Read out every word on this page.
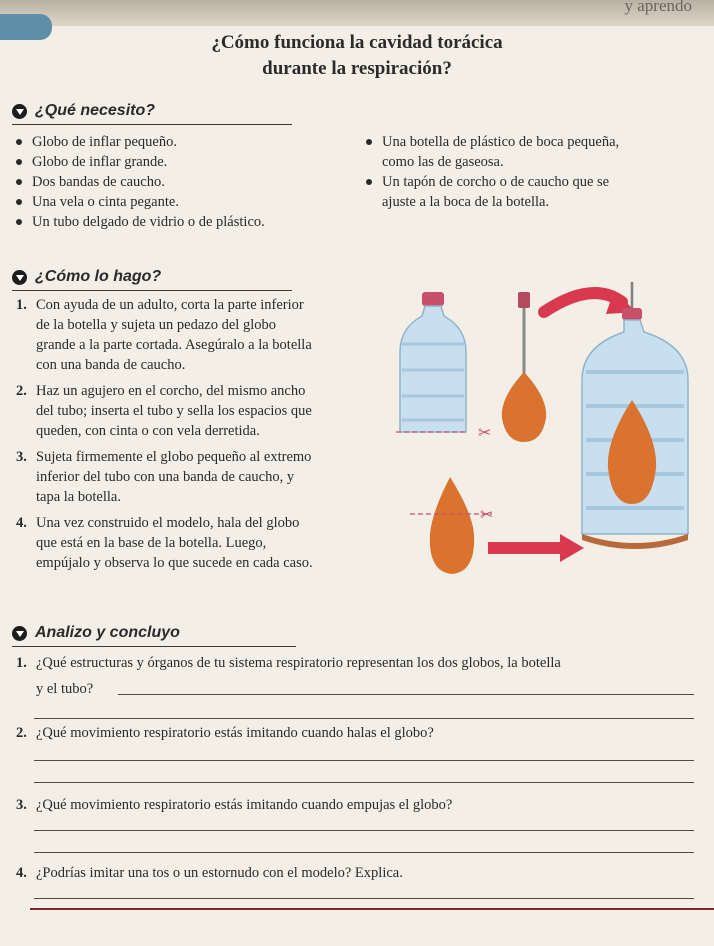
y aprendo
¿Cómo funciona la cavidad torácica
durante la respiración?
¿Qué necesito?
Globo de inflar pequeño.
Globo de inflar grande.
Dos bandas de caucho.
Una vela o cinta pegante.
Un tubo delgado de vidrio o de plástico.
Una botella de plástico de boca pequeña,
como las de gaseosa.
Un tapón de corcho o de caucho que se
ajuste a la boca de la botella.
¿Cómo lo hago?
1. Con ayuda de un adulto, corta la parte inferior
de la botella y sujeta un pedazo del globo
grande a la parte cortada. Asegúralo a la botella
con una banda de caucho.
2. Haz un agujero en el corcho, del mismo ancho
del tubo; inserta el tubo y sella los espacios que
queden, con cinta o con vela derretida.
3. Sujeta firmemente el globo pequeño al extremo
inferior del tubo con una banda de caucho, y
tapa la botella.
4. Una vez construido el modelo, hala del globo
que está en la base de la botella. Luego,
empújalo y observa lo que sucede en cada caso.
✂
✂
Analizo y concluyo
1. ¿Qué estructuras y órganos de tu sistema respiratorio representan los dos globos, la botella
y el tubo?
2. ¿Qué movimiento respiratorio estás imitando cuando halas el globo?
3. ¿Qué movimiento respiratorio estás imitando cuando empujas el globo?
4. ¿Podrías imitar una tos o un estornudo con el modelo? Explica.
